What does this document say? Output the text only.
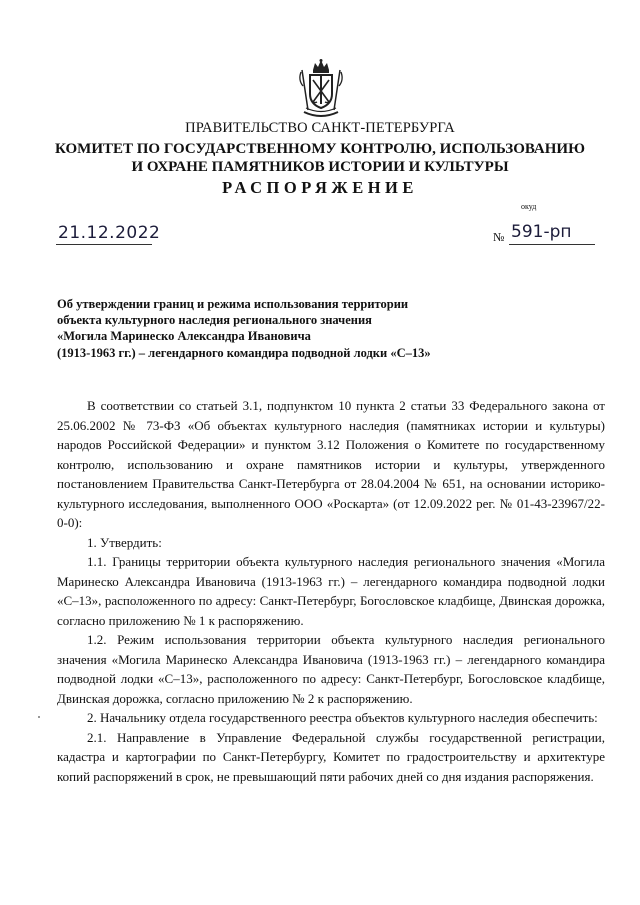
ПРАВИТЕЛЬСТВО САНКТ-ПЕТЕРБУРГА
КОМИТЕТ ПО ГОСУДАРСТВЕННОМУ КОНТРОЛЮ, ИСПОЛЬЗОВАНИЮ
И ОХРАНЕ ПАМЯТНИКОВ ИСТОРИИ И КУЛЬТУРЫ
РАСПОРЯЖЕНИЕ
окуд
21.12.2022	№ 591-рп
Об утверждении границ и режима использования территории
объекта культурного наследия регионального значения
«Могила Маринеско Александра Ивановича
(1913-1963 гг.) – легендарного командира подводной лодки «С–13»

В соответствии со статьей 3.1, подпунктом 10 пункта 2 статьи 33 Федерального закона от 25.06.2002 № 73-ФЗ «Об объектах культурного наследия (памятниках истории и культуры) народов Российской Федерации» и пунктом 3.12 Положения о Комитете по государственному контролю, использованию и охране памятников истории и культуры, утвержденного постановлением Правительства Санкт-Петербурга от 28.04.2004 № 651, на основании историко-культурного исследования, выполненного ООО «Роскарта» (от 12.09.2022 рег. № 01-43-23967/22-0-0):

1. Утвердить:

1.1. Границы территории объекта культурного наследия регионального значения «Могила Маринеско Александра Ивановича (1913-1963 гг.) – легендарного командира подводной лодки «С–13», расположенного по адресу: Санкт-Петербург, Богословское кладбище, Двинская дорожка, согласно приложению № 1 к распоряжению.

1.2. Режим использования территории объекта культурного наследия регионального значения «Могила Маринеско Александра Ивановича (1913-1963 гг.) – легендарного командира подводной лодки «С–13», расположенного по адресу: Санкт-Петербург, Богословское кладбище, Двинская дорожка, согласно приложению № 2 к распоряжению.

2. Начальнику отдела государственного реестра объектов культурного наследия обеспечить:

2.1. Направление в Управление Федеральной службы государственной регистрации, кадастра и картографии по Санкт-Петербургу, Комитет по градостроительству и архитектуре копий распоряжений в срок, не превышающий пяти рабочих дней со дня издания распоряжения.
